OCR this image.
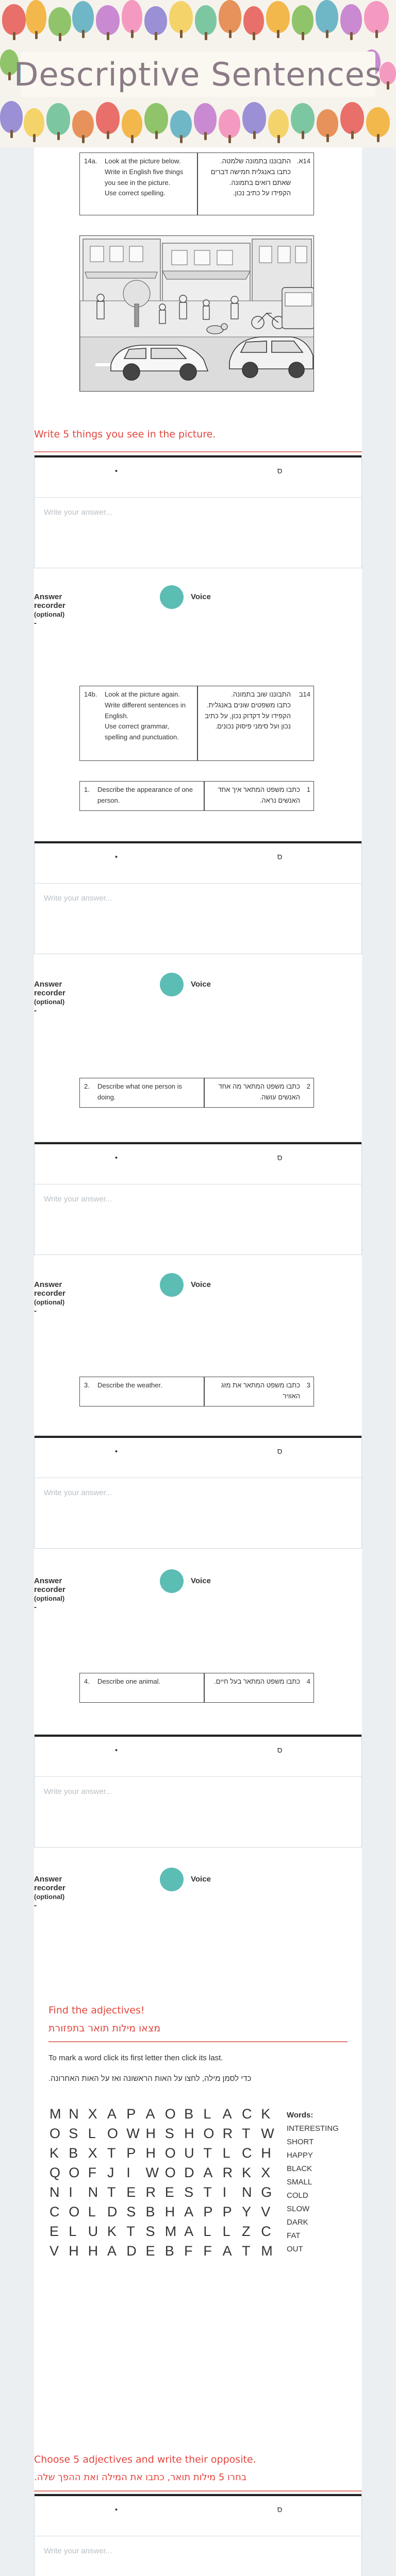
Descriptive Sentences
14a. Look at the picture below.
Write in English five things you see in the picture.
Use correct spelling.
14א.
התבוננו בתמונה שלמטה.
כתבו באנגלית חמישה דברים שאתם רואים בתמונה.
הקפידו על כתיב נכון.
Write 5 things you see in the picture.
•	ס
Write your answer...
Answer recorder (optional) -
Voice
14b. Look at the picture again.
Write different sentences in English.
Use correct grammar, spelling and punctuation.
14ב
התבוננו שוב בתמונה.
כתבו משפטים שונים באנגלית.
הקפידו על דקדוק נכון, על כתיב נכון ועל סימני פיסוק נכונים.
1.	Describe the appearance of one person.
1
כתבו משפט המתאר איך אחד האנשים נראה.
•	ס
Write your answer...
Answer recorder (optional) -
Voice
2.	Describe what one person is doing.
2
כתבו משפט המתאר מה אחד האנשים עושה.
•	ס
Write your answer...
Answer recorder (optional) -
Voice
3.	Describe the weather.	3
כתבו משפט המתאר את מזג האוויר
•	ס
Write your answer...
Answer recorder (optional) -
Voice
4.	Describe one animal.	4
כתבו משפט המתאר בעל חיים.
•	ס
Write your answer...
Answer recorder (optional) -
Voice
Find the adjectives!
מצאו מילות תואר בתפזורת
To mark a word click its first letter then click its last.
כדי לסמן מילה, לחצו על האות הראשונה ואז על האות האחרונה.
M N X A P A O B L A C K
O S L O W H S H O R T W
K B X T P H O U T L C H
Q O F J I	W O D A R K X
N I	N T E R E S T I	N G
C O L D S B H A P P Y V
E L U K T S M A L L Z C
V H H A D E B F F A T M
Words:
INTERESTING
SHORT
HAPPY
BLACK
SMALL
COLD
SLOW
DARK
FAT
OUT
Choose 5 adjectives and write their opposite.
בחרו 5 מילות תואר, כתבו את המילה ואת ההפך שלה.
•	ס
Write your answer...
